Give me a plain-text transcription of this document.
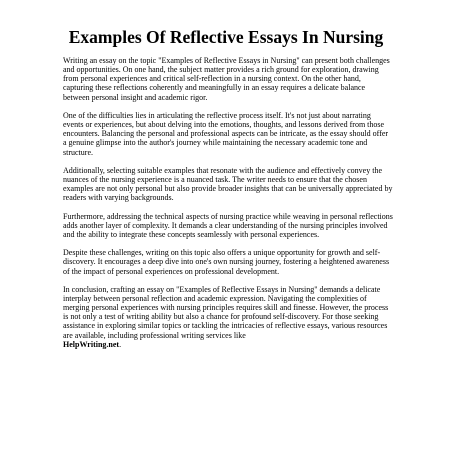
Examples Of Reflective Essays In Nursing

Writing an essay on the topic "Examples of Reflective Essays in Nursing" can present both challenges and opportunities. On one hand, the subject matter provides a rich ground for exploration, drawing from personal experiences and critical self-reflection in a nursing context. On the other hand, capturing these reflections coherently and meaningfully in an essay requires a delicate balance between personal insight and academic rigor.

One of the difficulties lies in articulating the reflective process itself. It's not just about narrating events or experiences, but about delving into the emotions, thoughts, and lessons derived from those encounters. Balancing the personal and professional aspects can be intricate, as the essay should offer a genuine glimpse into the author's journey while maintaining the necessary academic tone and structure.

Additionally, selecting suitable examples that resonate with the audience and effectively convey the nuances of the nursing experience is a nuanced task. The writer needs to ensure that the chosen examples are not only personal but also provide broader insights that can be universally appreciated by readers with varying backgrounds.

Furthermore, addressing the technical aspects of nursing practice while weaving in personal reflections adds another layer of complexity. It demands a clear understanding of the nursing principles involved and the ability to integrate these concepts seamlessly with personal experiences.

Despite these challenges, writing on this topic also offers a unique opportunity for growth and self-discovery. It encourages a deep dive into one's own nursing journey, fostering a heightened awareness of the impact of personal experiences on professional development.

In conclusion, crafting an essay on "Examples of Reflective Essays in Nursing" demands a delicate interplay between personal reflection and academic expression. Navigating the complexities of merging personal experiences with nursing principles requires skill and finesse. However, the process is not only a test of writing ability but also a chance for profound self-discovery. For those seeking assistance in exploring similar topics or tackling the intricacies of reflective essays, various resources are available, including professional writing services like
HelpWriting.net.
